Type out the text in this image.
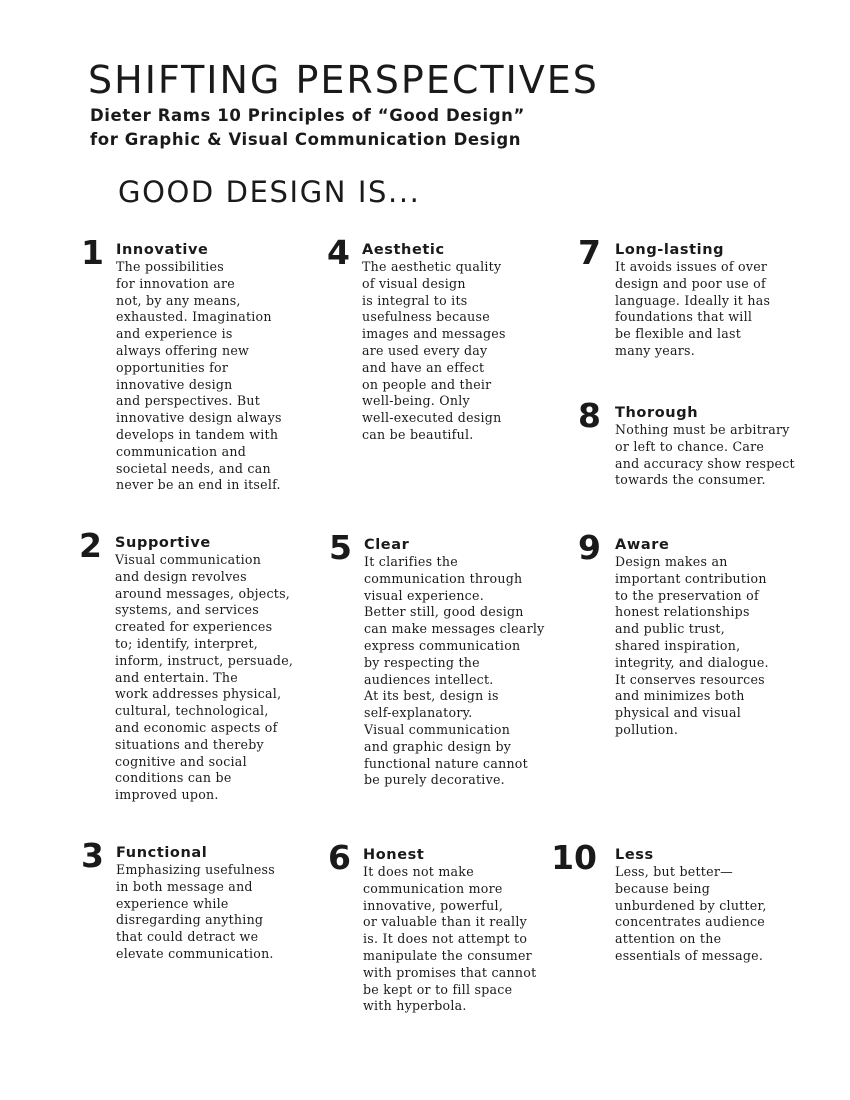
SHIFTING PERSPECTIVES
Dieter Rams 10 Principles of “Good Design”
for Graphic & Visual Communication Design
GOOD DESIGN IS...
1 Innovative
The possibilities
for innovation are
not, by any means,
exhausted. Imagination
and experience is
always offering new
opportunities for
innovative design
and perspectives. But
innovative design always
develops in tandem with
communication and
societal needs, and can
never be an end in itself.
2 Supportive
Visual communication
and design revolves
around messages, objects,
systems, and services
created for experiences
to; identify, interpret,
inform, instruct, persuade,
and entertain. The
work addresses physical,
cultural, technological,
and economic aspects of
situations and thereby
cognitive and social
conditions can be
improved upon.
3 Functional
Emphasizing usefulness
in both message and
experience while
disregarding anything
that could detract we
elevate communication.
4 Aesthetic
The aesthetic quality
of visual design
is integral to its
usefulness because
images and messages
are used every day
and have an effect
on people and their
well-being. Only
well-executed design
can be beautiful.
5 Clear
It clarifies the
communication through
visual experience.
Better still, good design
can make messages clearly
express communication
by respecting the
audiences intellect.
At its best, design is
self-explanatory.
Visual communication
and graphic design by
functional nature cannot
be purely decorative.
6 Honest
It does not make
communication more
innovative, powerful,
or valuable than it really
is. It does not attempt to
manipulate the consumer
with promises that cannot
be kept or to fill space
with hyperbola.
7 Long-lasting
It avoids issues of over
design and poor use of
language. Ideally it has
foundations that will
be flexible and last
many years.
8 Thorough
Nothing must be arbitrary
or left to chance. Care
and accuracy show respect
towards the consumer.
9 Aware
Design makes an
important contribution
to the preservation of
honest relationships
and public trust,
shared inspiration,
integrity, and dialogue.
It conserves resources
and minimizes both
physical and visual
pollution.
10 Less
Less, but better—
because being
unburdened by clutter,
concentrates audience
attention on the
essentials of message.
